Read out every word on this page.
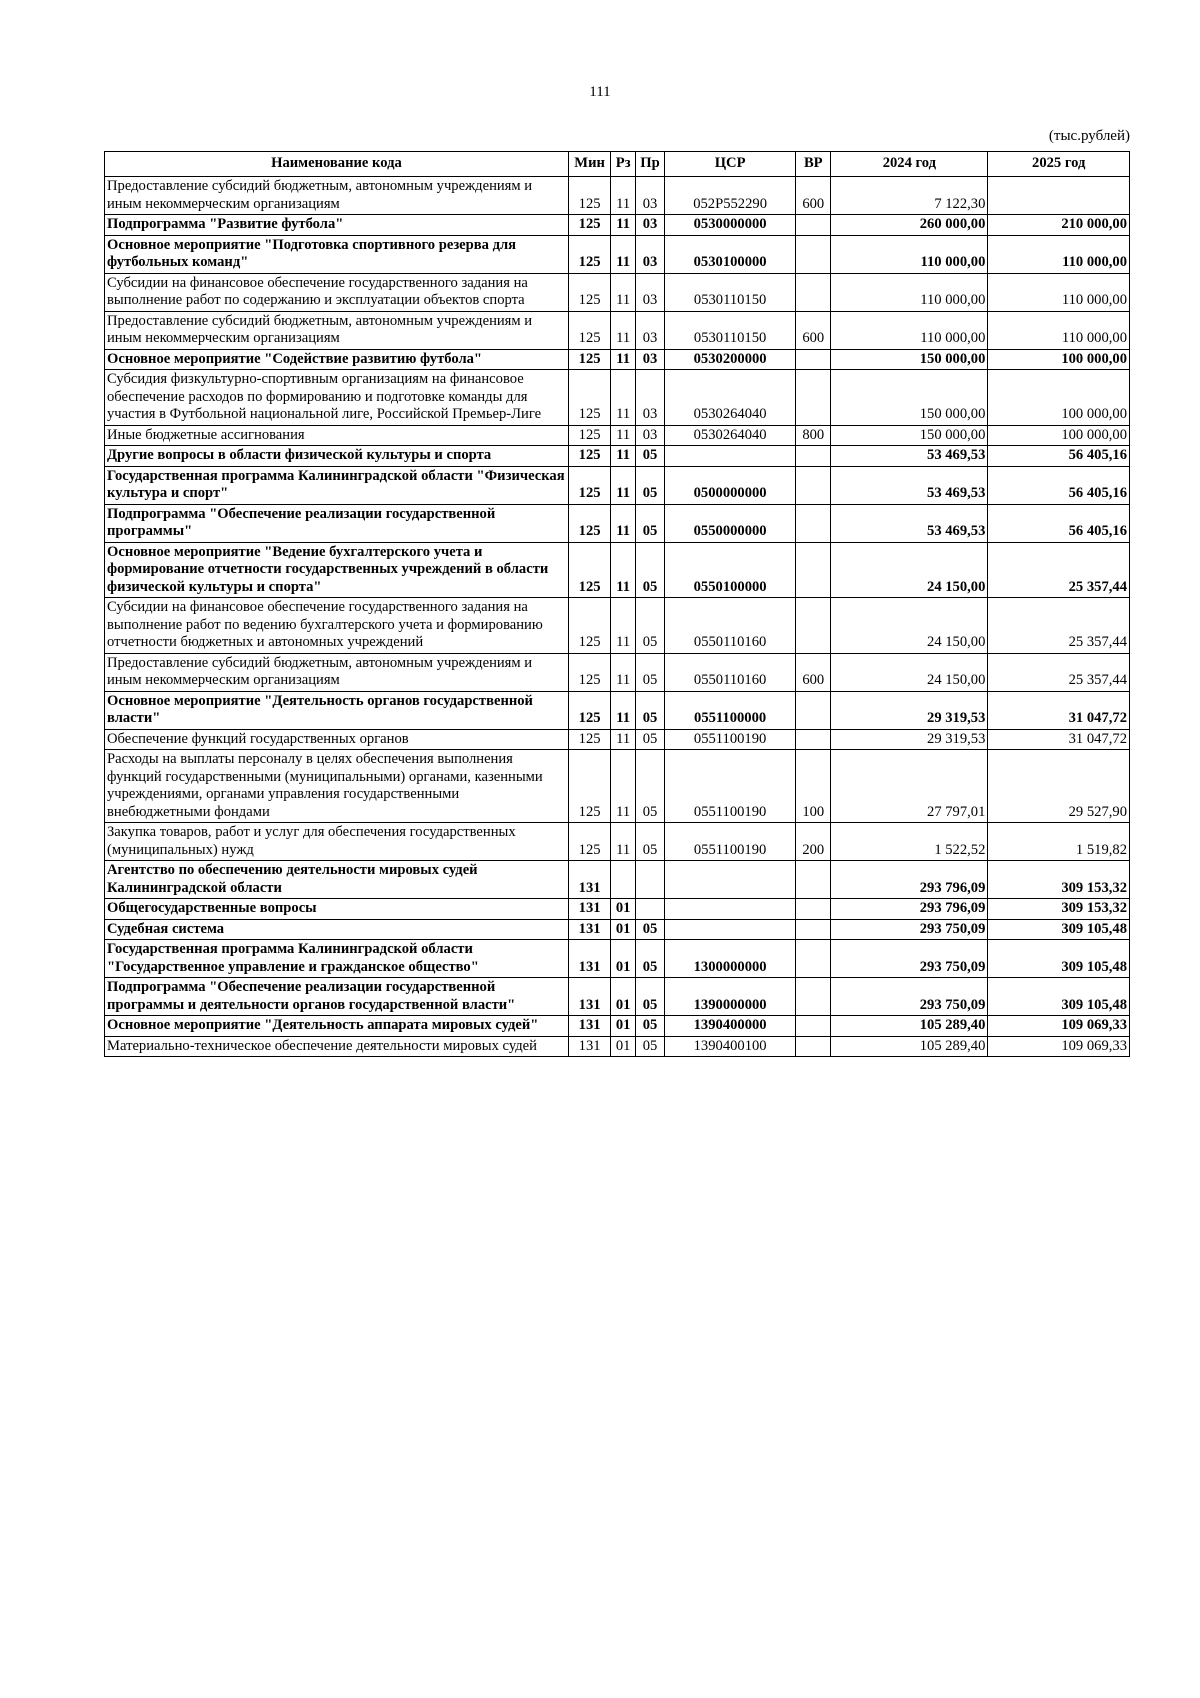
111
(тыс.рублей)
Наименование кода	Мин	Рз	Пр	ЦСР	ВР	2024 год	2025 год
Предоставление субсидий бюджетным, автономным учреждениям и иным некоммерческим организациям	125	11	03	052P552290	600	7 122,30	
Подпрограмма "Развитие футбола"	125	11	03	0530000000		260 000,00	210 000,00
Основное мероприятие "Подготовка спортивного резерва для футбольных команд"	125	11	03	0530100000		110 000,00	110 000,00
Субсидии на финансовое обеспечение государственного задания на выполнение работ по содержанию и эксплуатации объектов спорта	125	11	03	0530110150		110 000,00	110 000,00
Предоставление субсидий бюджетным, автономным учреждениям и иным некоммерческим организациям	125	11	03	0530110150	600	110 000,00	110 000,00
Основное мероприятие "Содействие развитию футбола"	125	11	03	0530200000		150 000,00	100 000,00
Субсидия физкультурно-спортивным организациям на финансовое обеспечение расходов по формированию и подготовке команды для участия в Футбольной национальной лиге, Российской Премьер-Лиге	125	11	03	0530264040		150 000,00	100 000,00
Иные бюджетные ассигнования	125	11	03	0530264040	800	150 000,00	100 000,00
Другие вопросы в области физической культуры и спорта	125	11	05			53 469,53	56 405,16
Государственная программа Калининградской области "Физическая культура и спорт"	125	11	05	0500000000		53 469,53	56 405,16
Подпрограмма "Обеспечение реализации государственной программы"	125	11	05	0550000000		53 469,53	56 405,16
Основное мероприятие "Ведение бухгалтерского учета и формирование отчетности государственных учреждений в области физической культуры и спорта"	125	11	05	0550100000		24 150,00	25 357,44
Субсидии на финансовое обеспечение государственного задания на выполнение работ по ведению бухгалтерского учета и формированию отчетности бюджетных и автономных учреждений	125	11	05	0550110160		24 150,00	25 357,44
Предоставление субсидий бюджетным, автономным учреждениям и иным некоммерческим организациям	125	11	05	0550110160	600	24 150,00	25 357,44
Основное мероприятие "Деятельность органов государственной власти"	125	11	05	0551100000		29 319,53	31 047,72
Обеспечение функций государственных органов	125	11	05	0551100190		29 319,53	31 047,72
Расходы на выплаты персоналу в целях обеспечения выполнения функций государственными (муниципальными) органами, казенными учреждениями, органами управления государственными внебюджетными фондами	125	11	05	0551100190	100	27 797,01	29 527,90
Закупка товаров, работ и услуг для обеспечения государственных (муниципальных) нужд	125	11	05	0551100190	200	1 522,52	1 519,82
Агентство по обеспечению деятельности мировых судей Калининградской области	131					293 796,09	309 153,32
Общегосударственные вопросы	131	01				293 796,09	309 153,32
Судебная система	131	01	05			293 750,09	309 105,48
Государственная программа Калининградской области "Государственное управление и гражданское общество"	131	01	05	1300000000		293 750,09	309 105,48
Подпрограмма "Обеспечение реализации государственной программы и деятельности органов государственной власти"	131	01	05	1390000000		293 750,09	309 105,48
Основное мероприятие "Деятельность аппарата мировых судей"	131	01	05	1390400000		105 289,40	109 069,33
Материально-техническое обеспечение деятельности мировых судей	131	01	05	1390400100		105 289,40	109 069,33
